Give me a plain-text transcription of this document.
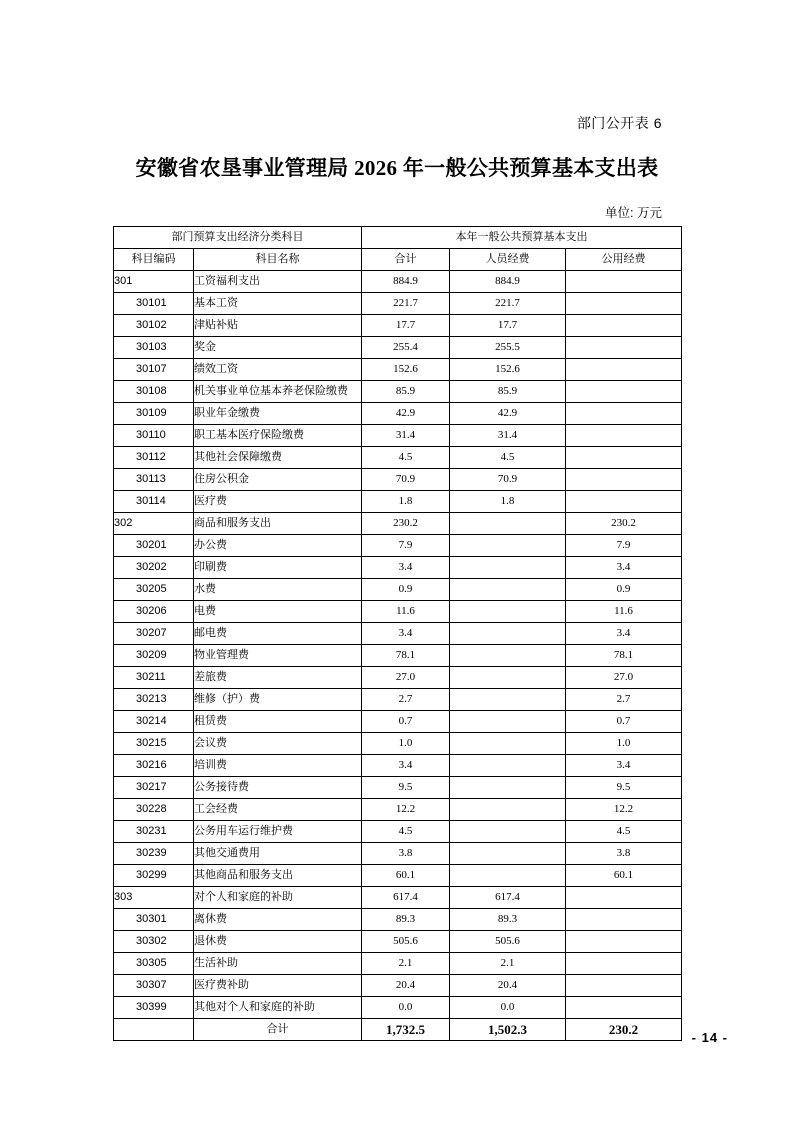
部门公开表 6
安徽省农垦事业管理局 2026 年一般公共预算基本支出表
单位: 万元
部门预算支出经济分类科目		本年一般公共预算基本支出		
科目编码	科目名称	合计	人员经费	公用经费
301	工资福利支出	884.9	884.9	
30101	基本工资	221.7	221.7	
30102	津贴补贴	17.7	17.7	
30103	奖金	255.4	255.5	
30107	绩效工资	152.6	152.6	
30108	机关事业单位基本养老保险缴费	85.9	85.9	
30109	职业年金缴费	42.9	42.9	
30110	职工基本医疗保险缴费	31.4	31.4	
30112	其他社会保障缴费	4.5	4.5	
30113	住房公积金	70.9	70.9	
30114	医疗费	1.8	1.8	
302	商品和服务支出	230.2		230.2
30201	办公费	7.9		7.9
30202	印刷费	3.4		3.4
30205	水费	0.9		0.9
30206	电费	11.6		11.6
30207	邮电费	3.4		3.4
30209	物业管理费	78.1		78.1
30211	差旅费	27.0		27.0
30213	维修（护）费	2.7		2.7
30214	租赁费	0.7		0.7
30215	会议费	1.0		1.0
30216	培训费	3.4		3.4
30217	公务接待费	9.5		9.5
30228	工会经费	12.2		12.2
30231	公务用车运行维护费	4.5		4.5
30239	其他交通费用	3.8		3.8
30299	其他商品和服务支出	60.1		60.1
303	对个人和家庭的补助	617.4	617.4	
30301	离休费	89.3	89.3	
30302	退休费	505.6	505.6	
30305	生活补助	2.1	2.1	
30307	医疗费补助	20.4	20.4	
30399	其他对个人和家庭的补助	0.0	0.0	
	合计	1,732.5	1,502.3	230.2
- 14 -
